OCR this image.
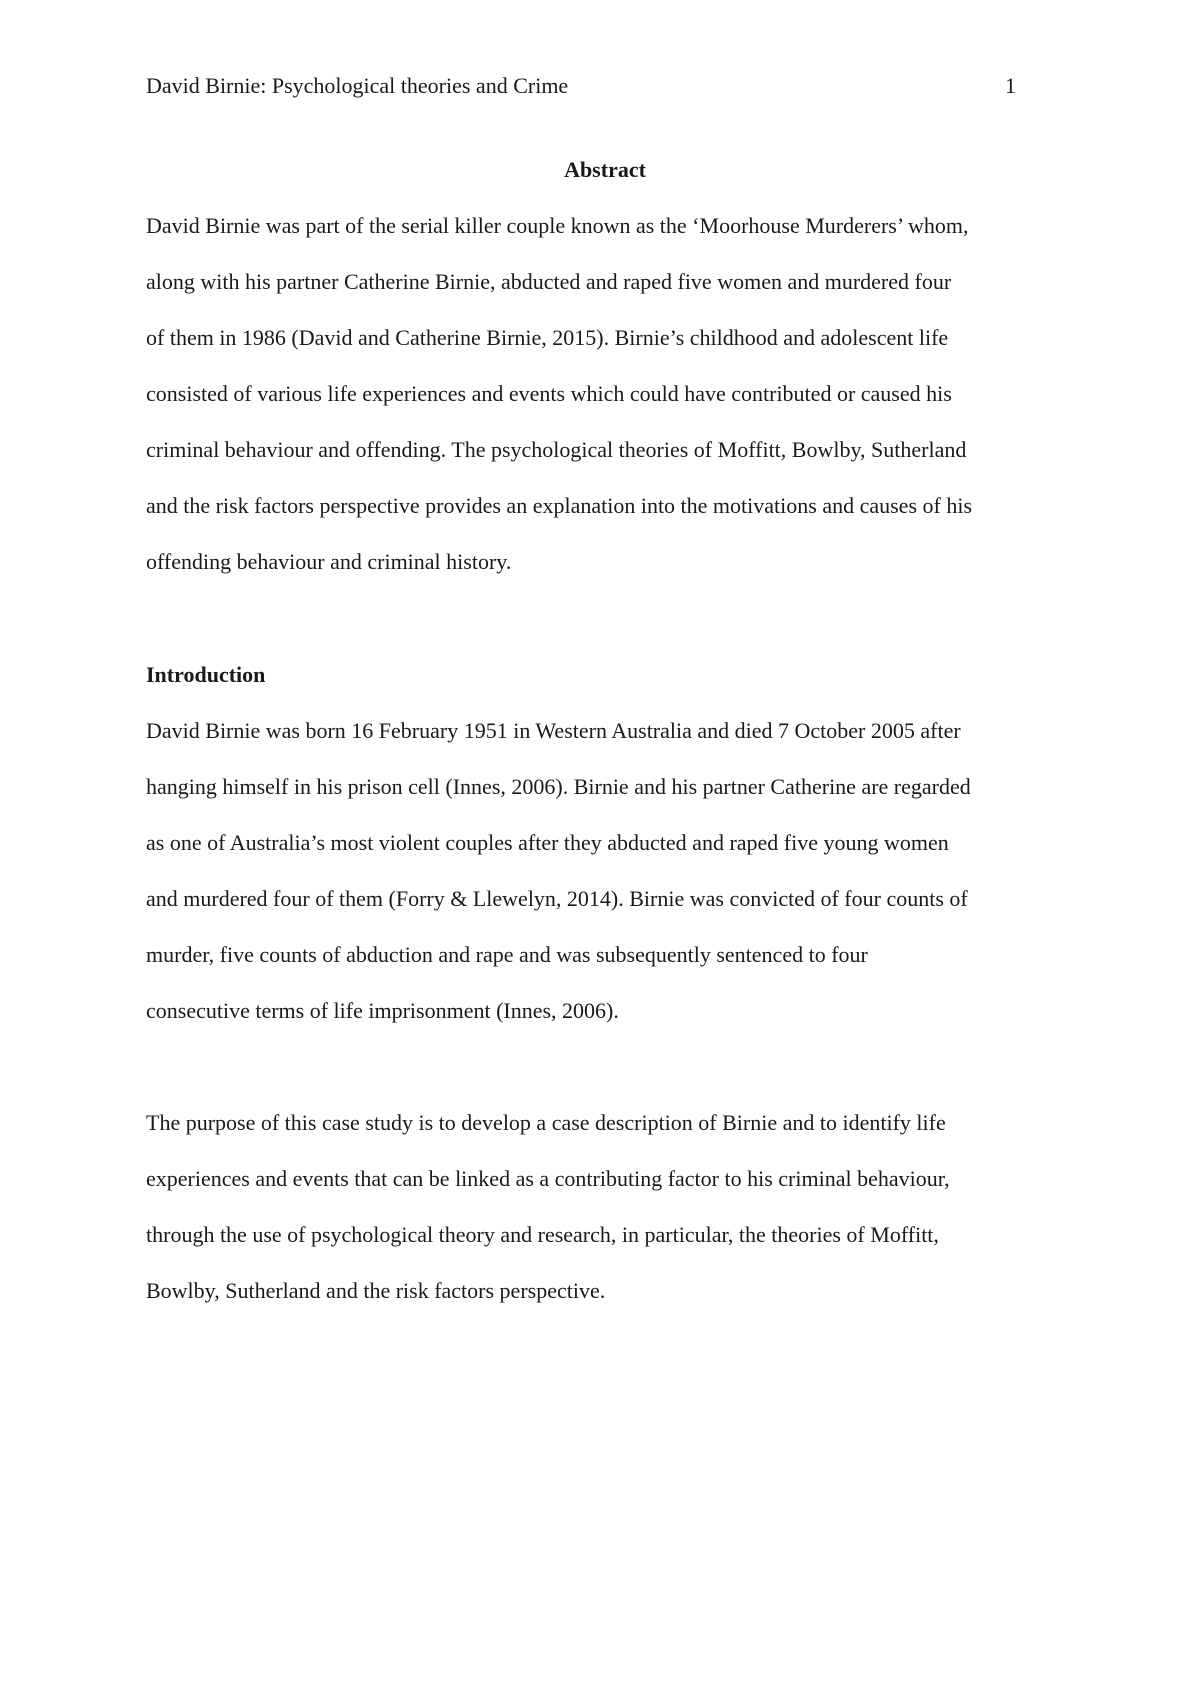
David Birnie: Psychological theories and Crime	1
Abstract

David Birnie was part of the serial killer couple known as the ‘Moorhouse Murderers’ whom,
along with his partner Catherine Birnie, abducted and raped five women and murdered four
of them in 1986 (David and Catherine Birnie, 2015). Birnie’s childhood and adolescent life
consisted of various life experiences and events which could have contributed or caused his
criminal behaviour and offending. The psychological theories of Moffitt, Bowlby, Sutherland
and the risk factors perspective provides an explanation into the motivations and causes of his
offending behaviour and criminal history.

Introduction

David Birnie was born 16 February 1951 in Western Australia and died 7 October 2005 after
hanging himself in his prison cell (Innes, 2006). Birnie and his partner Catherine are regarded
as one of Australia’s most violent couples after they abducted and raped five young women
and murdered four of them (Forry & Llewelyn, 2014). Birnie was convicted of four counts of
murder, five counts of abduction and rape and was subsequently sentenced to four
consecutive terms of life imprisonment (Innes, 2006).

The purpose of this case study is to develop a case description of Birnie and to identify life
experiences and events that can be linked as a contributing factor to his criminal behaviour,
through the use of psychological theory and research, in particular, the theories of Moffitt,
Bowlby, Sutherland and the risk factors perspective.
